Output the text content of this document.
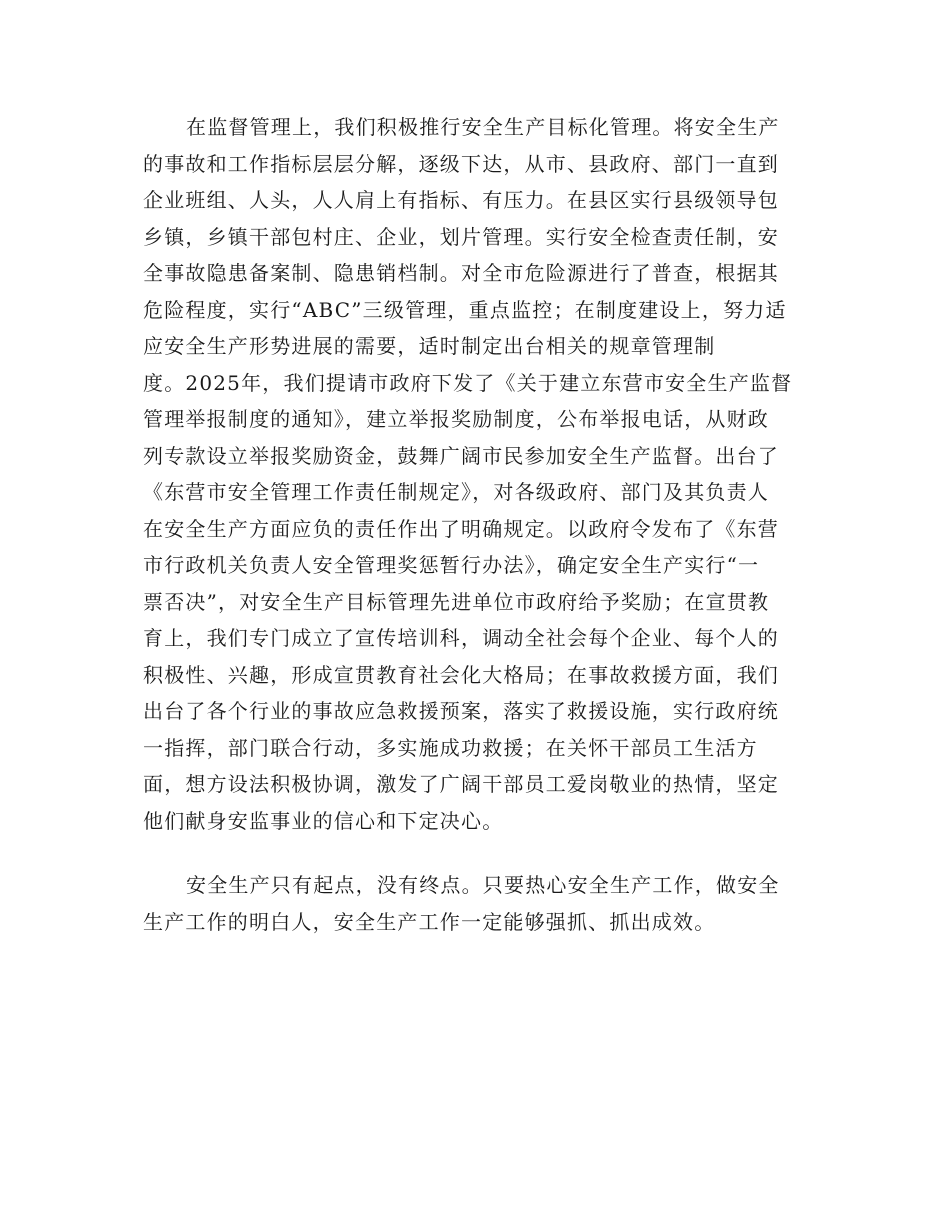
在监督管理上，我们积极推行安全生产目标化管理。将安全生产
的事故和工作指标层层分解，逐级下达，从市、县政府、部门一直到
企业班组、人头，人人肩上有指标、有压力。在县区实行县级领导包
乡镇，乡镇干部包村庄、企业，划片管理。实行安全检查责任制，安
全事故隐患备案制、隐患销档制。对全市危险源进行了普查，根据其
危险程度，实行“ABC”三级管理，重点监控；在制度建设上，努力适
应安全生产形势进展的需要，适时制定出台相关的规章管理制
度。2025年，我们提请市政府下发了《关于建立东营市安全生产监督
管理举报制度的通知》，建立举报奖励制度，公布举报电话，从财政
列专款设立举报奖励资金，鼓舞广阔市民参加安全生产监督。出台了
《东营市安全管理工作责任制规定》，对各级政府、部门及其负责人
在安全生产方面应负的责任作出了明确规定。以政府令发布了《东营
市行政机关负责人安全管理奖惩暂行办法》，确定安全生产实行“一
票否决”，对安全生产目标管理先进单位市政府给予奖励；在宣贯教
育上，我们专门成立了宣传培训科，调动全社会每个企业、每个人的
积极性、兴趣，形成宣贯教育社会化大格局；在事故救援方面，我们
出台了各个行业的事故应急救援预案，落实了救援设施，实行政府统
一指挥，部门联合行动，多实施成功救援；在关怀干部员工生活方
面，想方设法积极协调，激发了广阔干部员工爱岗敬业的热情，坚定
他们献身安监事业的信心和下定决心。
安全生产只有起点，没有终点。只要热心安全生产工作，做安全
生产工作的明白人，安全生产工作一定能够强抓、抓出成效。
